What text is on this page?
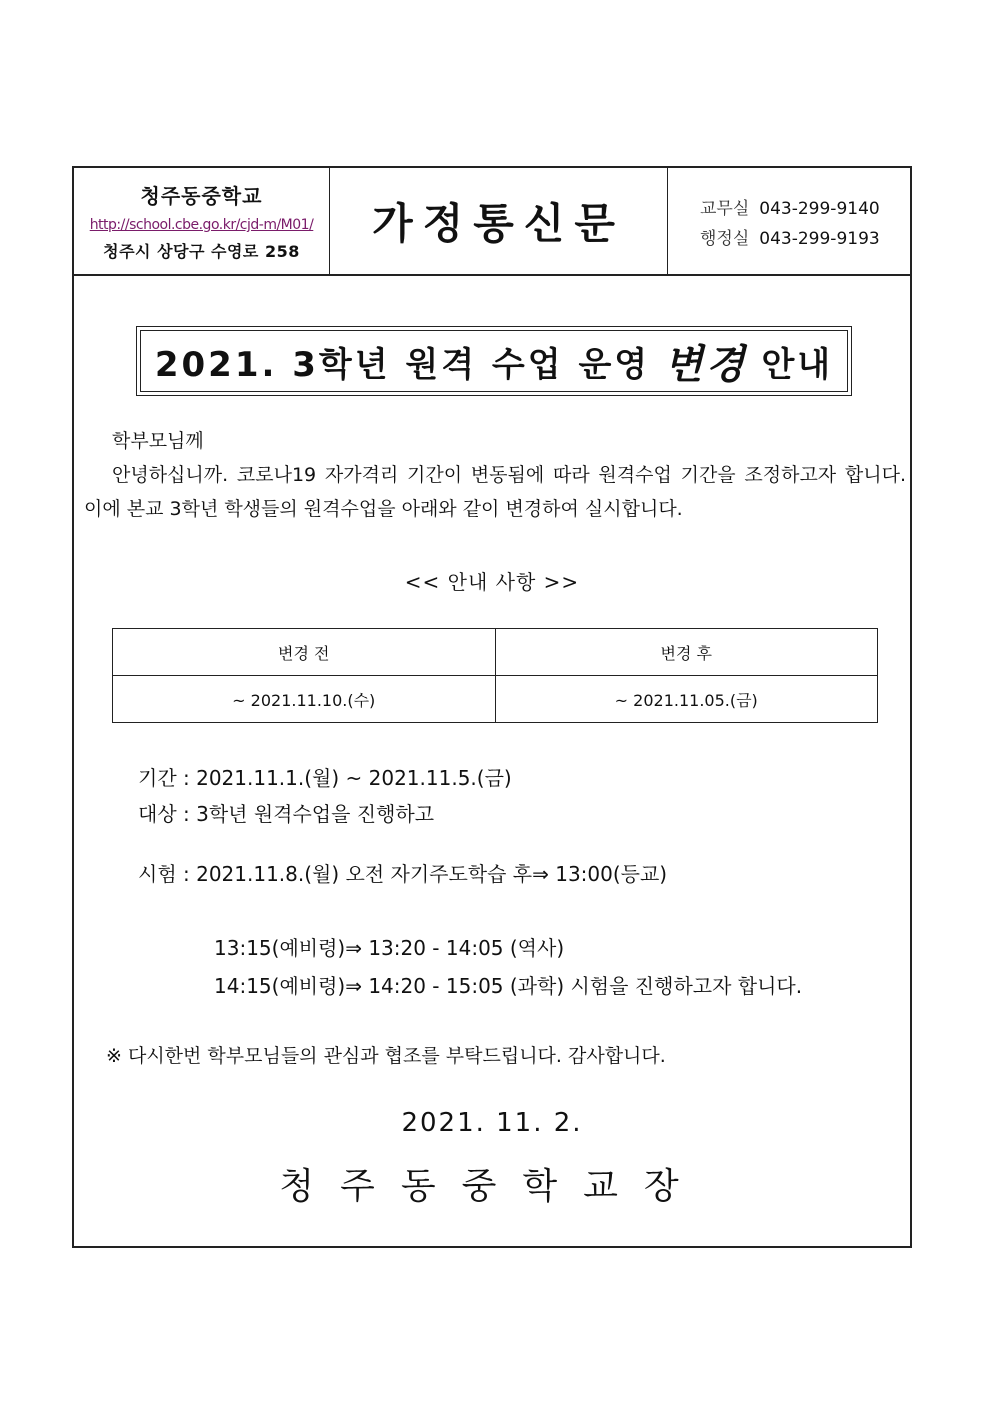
청주동중학교
http://school.cbe.go.kr/cjd-m/M01/
청주시 상당구 수영로 258
가정통신문	교무실 043-299-9140
행정실 043-299-9193
2021. 3학년 원격 수업 운영 변경 안내
학부모님께
안녕하십니까. 코로나19 자가격리 기간이 변동됨에 따라 원격수업 기간을 조정하고자 합니다. 이에 본교 3학년 학생들의 원격수업을 아래와 같이 변경하여 실시합니다.
<< 안내 사항 >>
변경 전	변경 후
~ 2021.11.10.(수)	~ 2021.11.05.(금)
기간 : 2021.11.1.(월) ~ 2021.11.5.(금)
대상 : 3학년 원격수업을 진행하고
시험 : 2021.11.8.(월) 오전 자기주도학습 후⇒ 13:00(등교)
13:15(예비령)⇒ 13:20 - 14:05 (역사)
14:15(예비령)⇒ 14:20 - 15:05 (과학) 시험을 진행하고자 합니다.
※ 다시한번 학부모님들의 관심과 협조를 부탁드립니다. 감사합니다.
2021. 11. 2.
청주동중학교장
